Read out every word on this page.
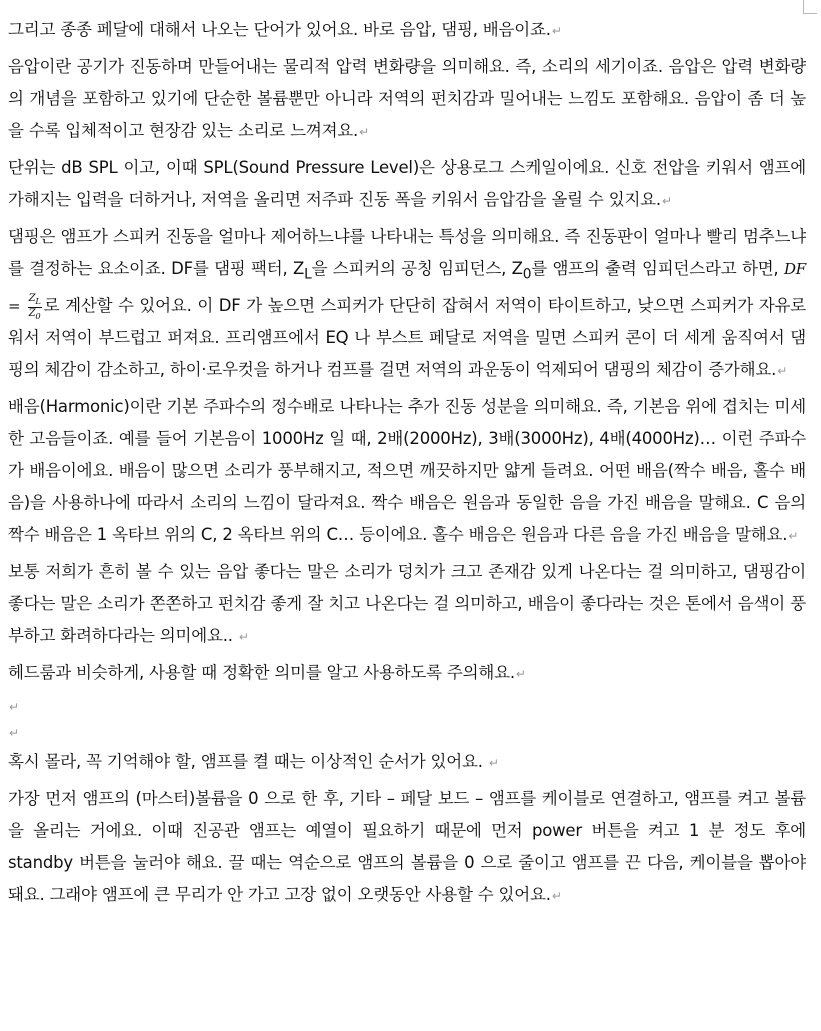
그리고 종종 페달에 대해서 나오는 단어가 있어요. 바로 음압, 댐핑, 배음이죠.↵

음압이란 공기가 진동하며 만들어내는 물리적 압력 변화량을 의미해요. 즉, 소리의 세기이죠. 음압은 압력 변화량의 개념을 포함하고 있기에 단순한 볼륨뿐만 아니라 저역의 펀치감과 밀어내는 느낌도 포함해요. 음압이 좀 더 높을 수록 입체적이고 현장감 있는 소리로 느껴져요.↵

단위는 dB SPL 이고, 이때 SPL(Sound Pressure Level)은 상용로그 스케일이에요. 신호 전압을 키워서 앰프에 가해지는 입력을 더하거나, 저역을 올리면 저주파 진동 폭을 키워서 음압감을 올릴 수 있지요.↵

댐핑은 앰프가 스피커 진동을 얼마나 제어하느냐를 나타내는 특성을 의미해요. 즉 진동판이 얼마나 빨리 멈추느냐를 결정하는 요소이죠. DF를 댐핑 팩터, $Z_L$을 스피커의 공칭 임피던스, $Z_0$를 앰프의 출력 임피던스라고 하면, DF = $\frac{Z_L}{Z_0}$ 로 계산할 수 있어요. 이 DF 가 높으면 스피커가 단단히 잡혀서 저역이 타이트하고, 낮으면 스피커가 자유로워서 저역이 부드럽고 퍼져요. 프리앰프에서 EQ 나 부스트 페달로 저역을 밀면 스피커 콘이 더 세게 움직여서 댐핑의 체감이 감소하고, 하이·로우컷을 하거나 컴프를 걸면 저역의 과운동이 억제되어 댐핑의 체감이 증가해요.↵

배음(Harmonic)이란 기본 주파수의 정수배로 나타나는 추가 진동 성분을 의미해요. 즉, 기본음 위에 겹치는 미세한 고음들이죠. 예를 들어 기본음이 1000Hz 일 때, 2배(2000Hz), 3배(3000Hz), 4배(4000Hz)… 이런 주파수가 배음이에요. 배음이 많으면 소리가 풍부해지고, 적으면 깨끗하지만 얇게 들려요. 어떤 배음(짝수 배음, 홀수 배음)을 사용하나에 따라서 소리의 느낌이 달라져요. 짝수 배음은 원음과 동일한 음을 가진 배음을 말해요. C 음의 짝수 배음은 1 옥타브 위의 C, 2 옥타브 위의 C… 등이에요. 홀수 배음은 원음과 다른 음을 가진 배음을 말해요.↵

보통 저희가 흔히 볼 수 있는 음압 좋다는 말은 소리가 덩치가 크고 존재감 있게 나온다는 걸 의미하고, 댐핑감이 좋다는 말은 소리가 쫀쫀하고 펀치감 좋게 잘 치고 나온다는 걸 의미하고, 배음이 좋다라는 것은 톤에서 음색이 풍부하고 화려하다라는 의미에요.. ↵

헤드룸과 비슷하게, 사용할 때 정확한 의미를 알고 사용하도록 주의해요.↵

↵

↵

혹시 몰라, 꼭 기억해야 할, 앰프를 켤 때는 이상적인 순서가 있어요. ↵

가장 먼저 앰프의 (마스터)볼륨을 0 으로 한 후, 기타 – 페달 보드 – 앰프를 케이블로 연결하고, 앰프를 켜고 볼륨을 올리는 거에요. 이때 진공관 앰프는 예열이 필요하기 때문에 먼저 power 버튼을 켜고 1 분 정도 후에 standby 버튼을 눌러야 해요. 끌 때는 역순으로 앰프의 볼륨을 0 으로 줄이고 앰프를 끈 다음, 케이블을 뽑아야 돼요. 그래야 앰프에 큰 무리가 안 가고 고장 없이 오랫동안 사용할 수 있어요.↵
